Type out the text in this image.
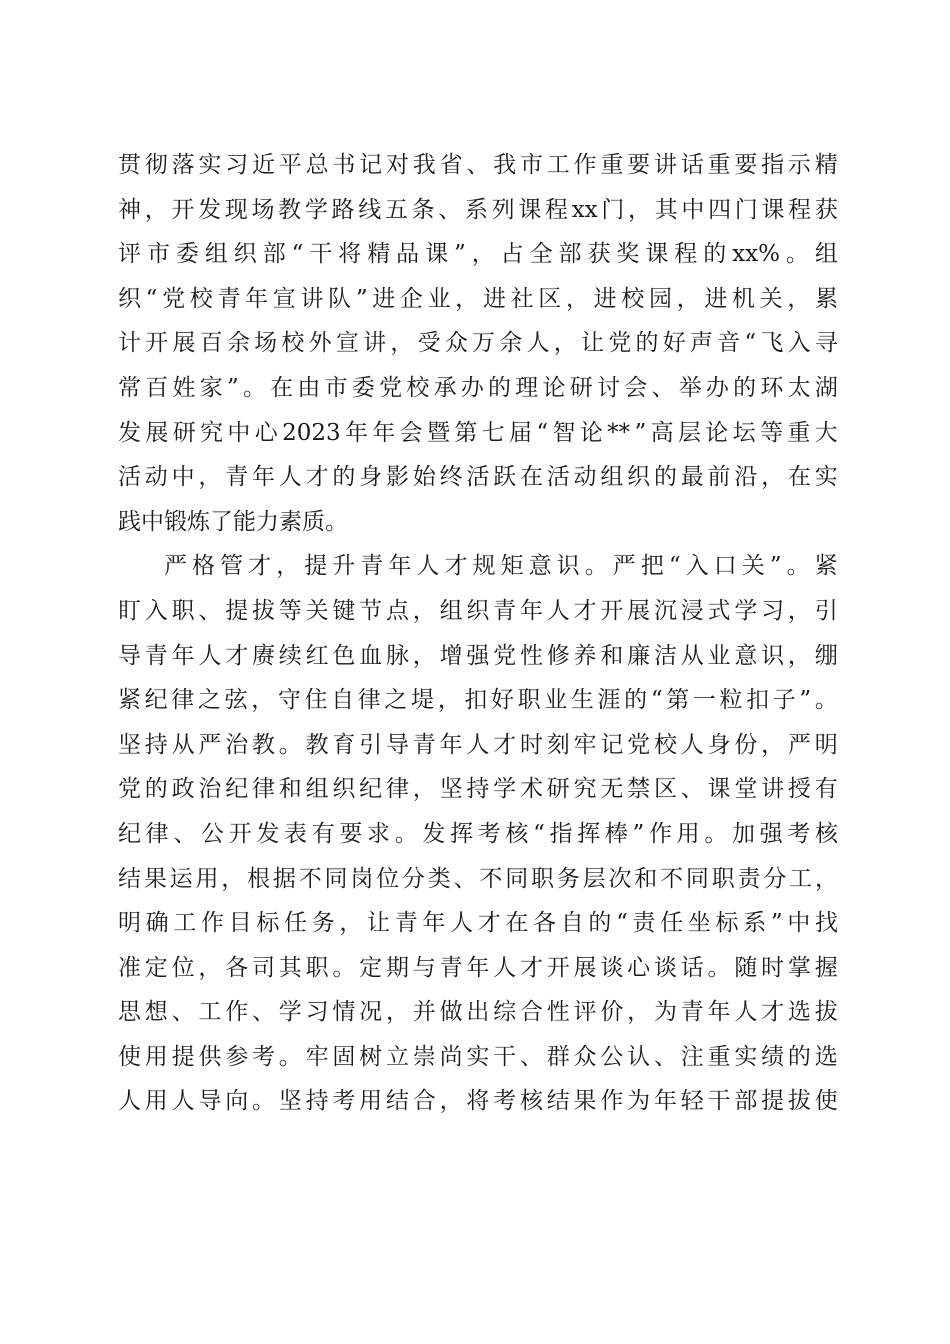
贯 彻 落 实 习 近 平 总 书 记 对 我 省 、 我 市 工 作 重 要 讲 话 重 要 指 示 精
神 ， 开 发 现 场 教 学 路 线 五 条 、 系 列 课 程 xx 门 ， 其 中 四 门 课 程 获
评 市 委 组 织 部 “ 干 将 精 品 课 ” ， 占 全 部 获 奖 课 程 的 xx% 。 组
织 “ 党 校 青 年 宣 讲 队 ” 进 企 业 ， 进 社 区 ， 进 校 园 ， 进 机 关 ， 累
计 开 展 百 余 场 校 外 宣 讲 ， 受 众 万 余 人 ， 让 党 的 好 声 音 “ 飞 入 寻
常 百 姓 家 ” 。 在 由 市 委 党 校 承 办 的 理 论 研 讨 会 、 举 办 的 环 太 湖
发 展 研 究 中 心 2023 年 年 会 暨 第 七 届 “ 智 论 ** ” 高 层 论 坛 等 重 大
活 动 中 ， 青 年 人 才 的 身 影 始 终 活 跃 在 活 动 组 织 的 最 前 沿 ， 在 实
践中锻炼了能力素质。
严 格 管 才 ， 提 升 青 年 人 才 规 矩 意 识 。 严 把 “ 入 口 关 ” 。 紧
盯 入 职 、 提 拔 等 关 键 节 点 ， 组 织 青 年 人 才 开 展 沉 浸 式 学 习 ， 引
导 青 年 人 才 赓 续 红 色 血 脉 ， 增 强 党 性 修 养 和 廉 洁 从 业 意 识 ， 绷
紧 纪 律 之 弦 ， 守 住 自 律 之 堤 ， 扣 好 职 业 生 涯 的 “ 第 一 粒 扣 子 ” 。
坚 持 从 严 治 教 。 教 育 引 导 青 年 人 才 时 刻 牢 记 党 校 人 身 份 ， 严 明
党 的 政 治 纪 律 和 组 织 纪 律 ， 坚 持 学 术 研 究 无 禁 区 、 课 堂 讲 授 有
纪 律 、 公 开 发 表 有 要 求 。 发 挥 考 核 “ 指 挥 棒 ” 作 用 。 加 强 考 核
结 果 运 用 ， 根 据 不 同 岗 位 分 类 、 不 同 职 务 层 次 和 不 同 职 责 分 工 ，
明 确 工 作 目 标 任 务 ， 让 青 年 人 才 在 各 自 的 “ 责 任 坐 标 系 ” 中 找
准 定 位 ， 各 司 其 职 。 定 期 与 青 年 人 才 开 展 谈 心 谈 话 。 随 时 掌 握
思 想 、 工 作 、 学 习 情 况 ， 并 做 出 综 合 性 评 价 ， 为 青 年 人 才 选 拔
使 用 提 供 参 考 。 牢 固 树 立 崇 尚 实 干 、 群 众 公 认 、 注 重 实 绩 的 选
人 用 人 导 向 。 坚 持 考 用 结 合 ， 将 考 核 结 果 作 为 年 轻 干 部 提 拔 使
